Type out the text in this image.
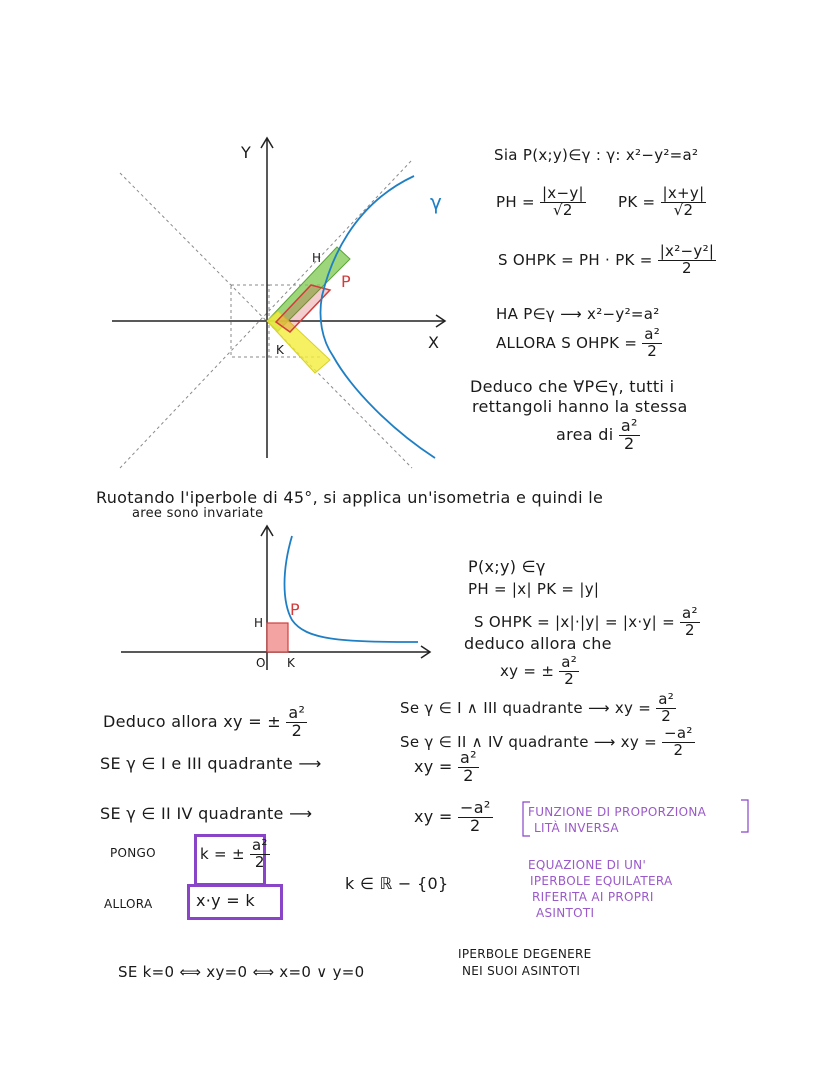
Y
X
γ
H
P
K
Sia P(x;y)∈γ : γ: x²−y²=a²
PH = $\frac{|x-y|}{√2}$ PK = $\frac{|x+y|}{√2}$
S OHPK = PH · PK = $\frac{\text{|x²−y²|}}{2}$
HA P∈γ ⟶ x²−y²=a²
ALLORA S OHPK = $\frac{\text{a²}}{2}$
Deduco che ∀P∈γ, tutti i
rettangoli hanno la stessa
area di $\frac{\text{a²}}{2}$
Ruotando l'iperbole di 45°, si applica un'isometria e quindi le
aree sono invariate
H
P
O K
P(x;y) ∈γ
PH = |x| PK = |y|
S OHPK = $|x|\cdot|y| = |x\cdot y| = \frac{\text{a²}}{2}$
deduco allora che
xy = ± $\frac{\text{a²}}{2}$
Deduco allora xy = ± $\frac{\text{a²}}{2}$	Se γ ∈ I ∧ III quadrante ⟶ xy = $\frac{\text{a²}}{2}$
Se γ ∈ II ∧ IV quadrante ⟶ xy = $\frac{\text{−a²}}{2}$
SE γ ∈ I e III quadrante ⟶	xy = $\frac{\text{a²}}{2}$
SE γ ∈ II IV quadrante ⟶	xy = $\frac{\text{−a²}}{2}$	FUNZIONE DI PROPORZIONA
LITÀ INVERSA
PONGO	k = ± $\frac{\text{a²}}{2}$
ALLORA	x·y = k
k ∈ ℝ − {0}
EQUAZIONE DI UN'
IPERBOLE EQUILATERA
RIFERITA AI PROPRI
ASINTOTI
SE k=0 ⟺ xy=0 ⟺ x=0 ∨ y=0
IPERBOLE DEGENERE
NEI SUOI ASINTOTI
